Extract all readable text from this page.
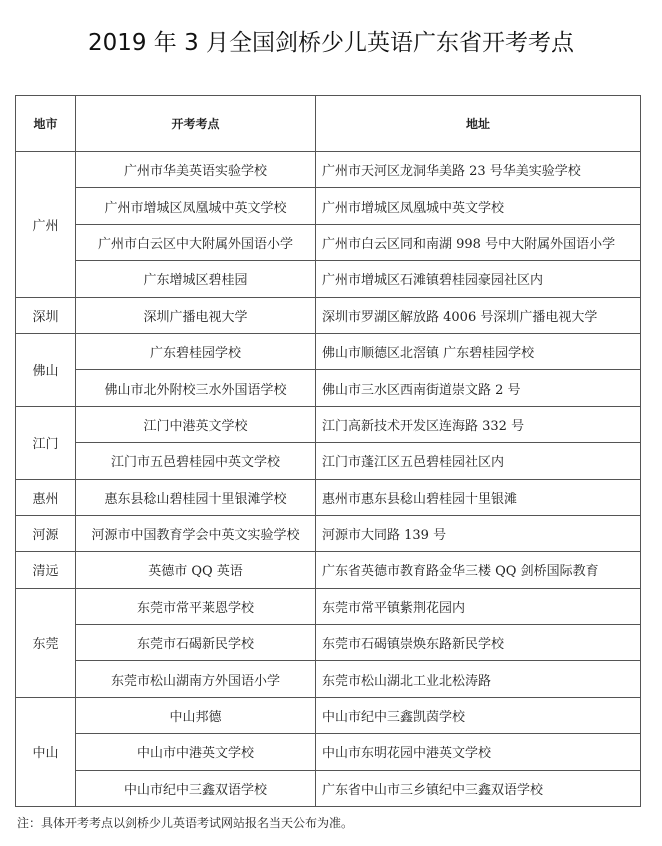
2019 年 3 月全国剑桥少儿英语广东省开考考点
地市	开考考点	地址
广州	广州市华美英语实验学校	广州市天河区龙洞华美路 23 号华美实验学校
	广州市增城区凤凰城中英文学校	广州市增城区凤凰城中英文学校
	广州市白云区中大附属外国语小学	广州市白云区同和南湖 998 号中大附属外国语小学
	广东增城区碧桂园	广州市增城区石滩镇碧桂园豪园社区内
深圳	深圳广播电视大学	深圳市罗湖区解放路 4006 号深圳广播电视大学
佛山	广东碧桂园学校	佛山市顺德区北滘镇 广东碧桂园学校
	佛山市北外附校三水外国语学校	佛山市三水区西南街道崇文路 2 号
江门	江门中港英文学校	江门高新技术开发区连海路 332 号
	江门市五邑碧桂园中英文学校	江门市蓬江区五邑碧桂园社区内
惠州	惠东县稔山碧桂园十里银滩学校	惠州市惠东县稔山碧桂园十里银滩
河源	河源市中国教育学会中英文实验学校	河源市大同路 139 号
清远	英德市 QQ 英语	广东省英德市教育路金华三楼 QQ 剑桥国际教育
东莞	东莞市常平莱恩学校	东莞市常平镇紫荆花园内
	东莞市石碣新民学校	东莞市石碣镇崇焕东路新民学校
	东莞市松山湖南方外国语小学	东莞市松山湖北工业北松涛路
中山	中山邦德	中山市纪中三鑫凯茵学校
	中山市中港英文学校	中山市东明花园中港英文学校
	中山市纪中三鑫双语学校	广东省中山市三乡镇纪中三鑫双语学校
注：具体开考考点以剑桥少儿英语考试网站报名当天公布为准。
